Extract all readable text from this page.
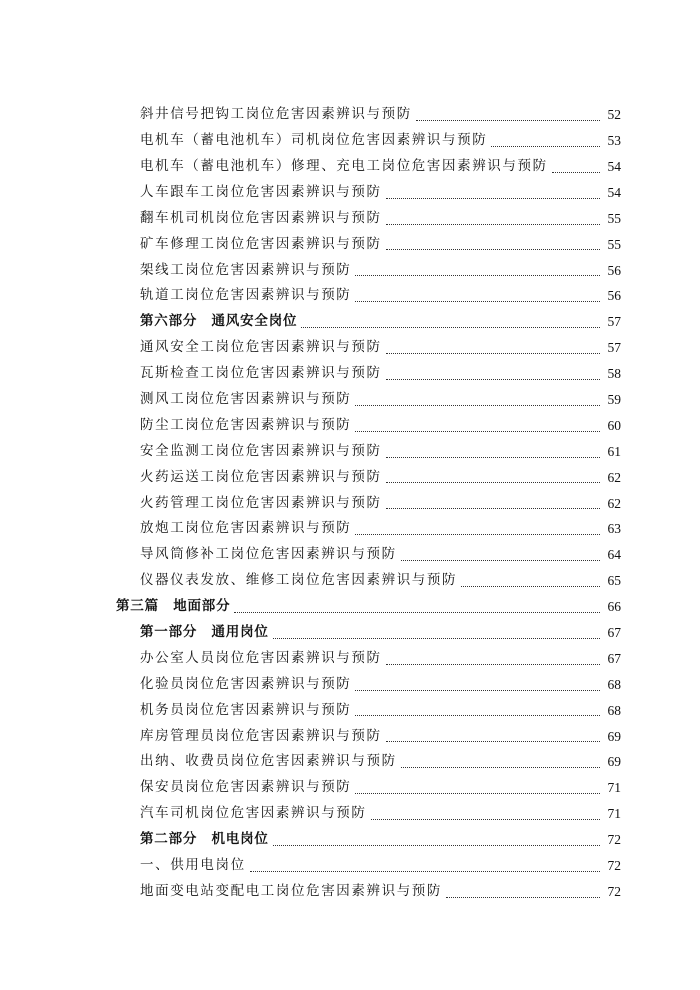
斜井信号把钩工岗位危害因素辨识与预防	52
电机车（蓄电池机车）司机岗位危害因素辨识与预防	53
电机车（蓄电池机车）修理、充电工岗位危害因素辨识与预防	54
人车跟车工岗位危害因素辨识与预防	54
翻车机司机岗位危害因素辨识与预防	55
矿车修理工岗位危害因素辨识与预防	55
架线工岗位危害因素辨识与预防	56
轨道工岗位危害因素辨识与预防	56
第六部分　通风安全岗位	57
通风安全工岗位危害因素辨识与预防	57
瓦斯检查工岗位危害因素辨识与预防	58
测风工岗位危害因素辨识与预防	59
防尘工岗位危害因素辨识与预防	60
安全监测工岗位危害因素辨识与预防	61
火药运送工岗位危害因素辨识与预防	62
火药管理工岗位危害因素辨识与预防	62
放炮工岗位危害因素辨识与预防	63
导风筒修补工岗位危害因素辨识与预防	64
仪器仪表发放、维修工岗位危害因素辨识与预防	65
第三篇　地面部分	66
第一部分　通用岗位	67
办公室人员岗位危害因素辨识与预防	67
化验员岗位危害因素辨识与预防	68
机务员岗位危害因素辨识与预防	68
库房管理员岗位危害因素辨识与预防	69
出纳、收费员岗位危害因素辨识与预防	69
保安员岗位危害因素辨识与预防	71
汽车司机岗位危害因素辨识与预防	71
第二部分　机电岗位	72
一、供用电岗位	72
地面变电站变配电工岗位危害因素辨识与预防	72
